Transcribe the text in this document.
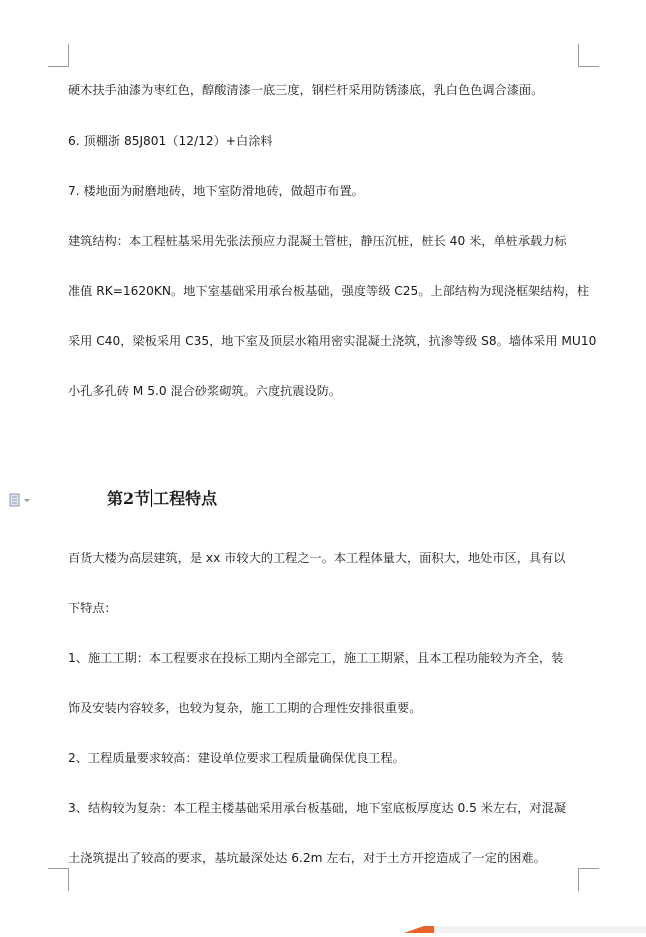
硬木扶手油漆为枣红色，醇酸清漆一底三度，钢栏杆采用防锈漆底，乳白色色调合漆面。
6. 顶棚浙 85J801（12/12）+白涂料
7. 楼地面为耐磨地砖，地下室防滑地砖，做超市布置。
建筑结构：本工程桩基采用先张法预应力混凝土管桩，静压沉桩，桩长 40 米，单桩承载力标
准值 RK=1620KN。地下室基础采用承台板基础，强度等级 C25。上部结构为现浇框架结构，柱
采用 C40，梁板采用 C35，地下室及顶层水箱用密实混凝土浇筑，抗渗等级 S8。墙体采用 MU10
小孔多孔砖 M 5.0 混合砂浆砌筑。六度抗震设防。
第2节 工程特点
百货大楼为高层建筑，是 xx 市较大的工程之一。本工程体量大，面积大，地处市区，具有以
下特点：
1、施工工期：本工程要求在投标工期内全部完工，施工工期紧，且本工程功能较为齐全，装
饰及安装内容较多，也较为复杂，施工工期的合理性安排很重要。
2、工程质量要求较高：建设单位要求工程质量确保优良工程。
3、结构较为复杂：本工程主楼基础采用承台板基础，地下室底板厚度达 0.5 米左右，对混凝
土浇筑提出了较高的要求，基坑最深处达 6.2m 左右，对于土方开挖造成了一定的困难。
